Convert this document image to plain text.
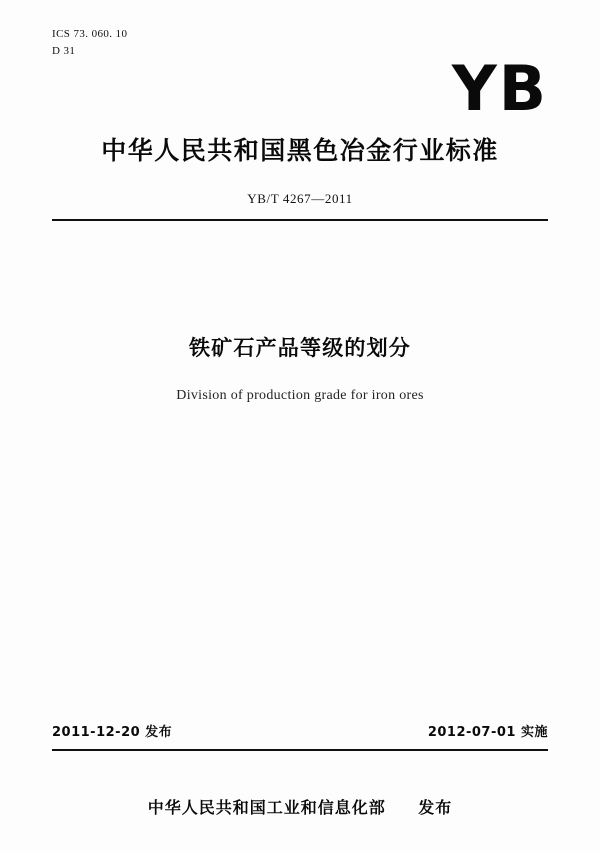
ICS 73. 060. 10
D 31
YB
中华人民共和国黑色冶金行业标准
YB/T 4267—2011
铁矿石产品等级的划分
Division of production grade for iron ores
2011-12-20 发布	2012-07-01 实施
中华人民共和国工业和信息化部 发布
